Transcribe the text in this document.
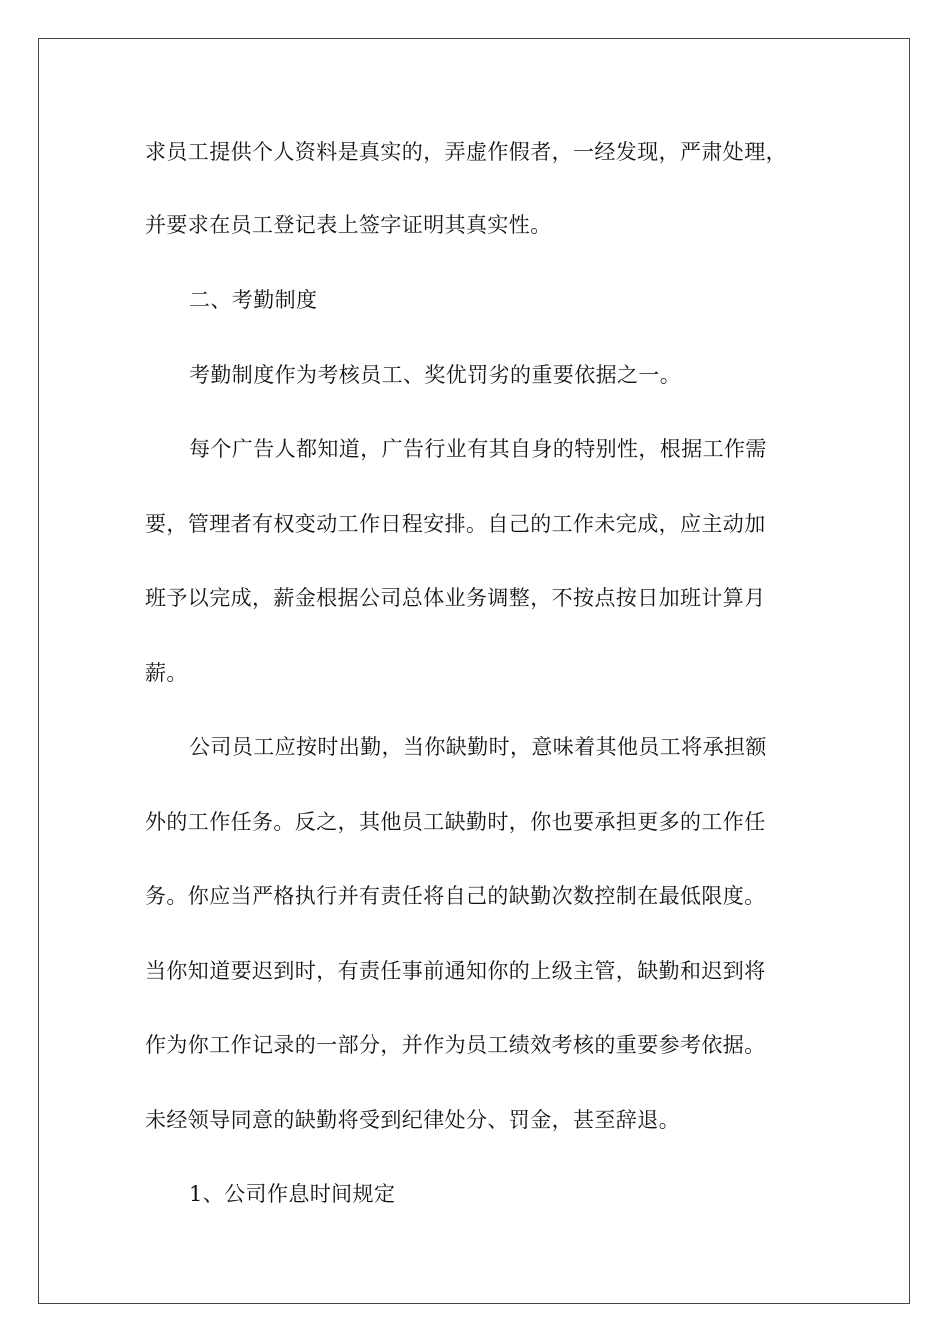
求员工提供个人资料是真实的，弄虚作假者，一经发现，严肃处理，
并要求在员工登记表上签字证明其真实性。
二、考勤制度
考勤制度作为考核员工、奖优罚劣的重要依据之一。
每个广告人都知道，广告行业有其自身的特别性，根据工作需
要，管理者有权变动工作日程安排。自己的工作未完成，应主动加
班予以完成，薪金根据公司总体业务调整，不按点按日加班计算月
薪。
公司员工应按时出勤，当你缺勤时，意味着其他员工将承担额
外的工作任务。反之，其他员工缺勤时，你也要承担更多的工作任
务。你应当严格执行并有责任将自己的缺勤次数控制在最低限度。
当你知道要迟到时，有责任事前通知你的上级主管，缺勤和迟到将
作为你工作记录的一部分，并作为员工绩效考核的重要参考依据。
未经领导同意的缺勤将受到纪律处分、罚金，甚至辞退。
1、公司作息时间规定
